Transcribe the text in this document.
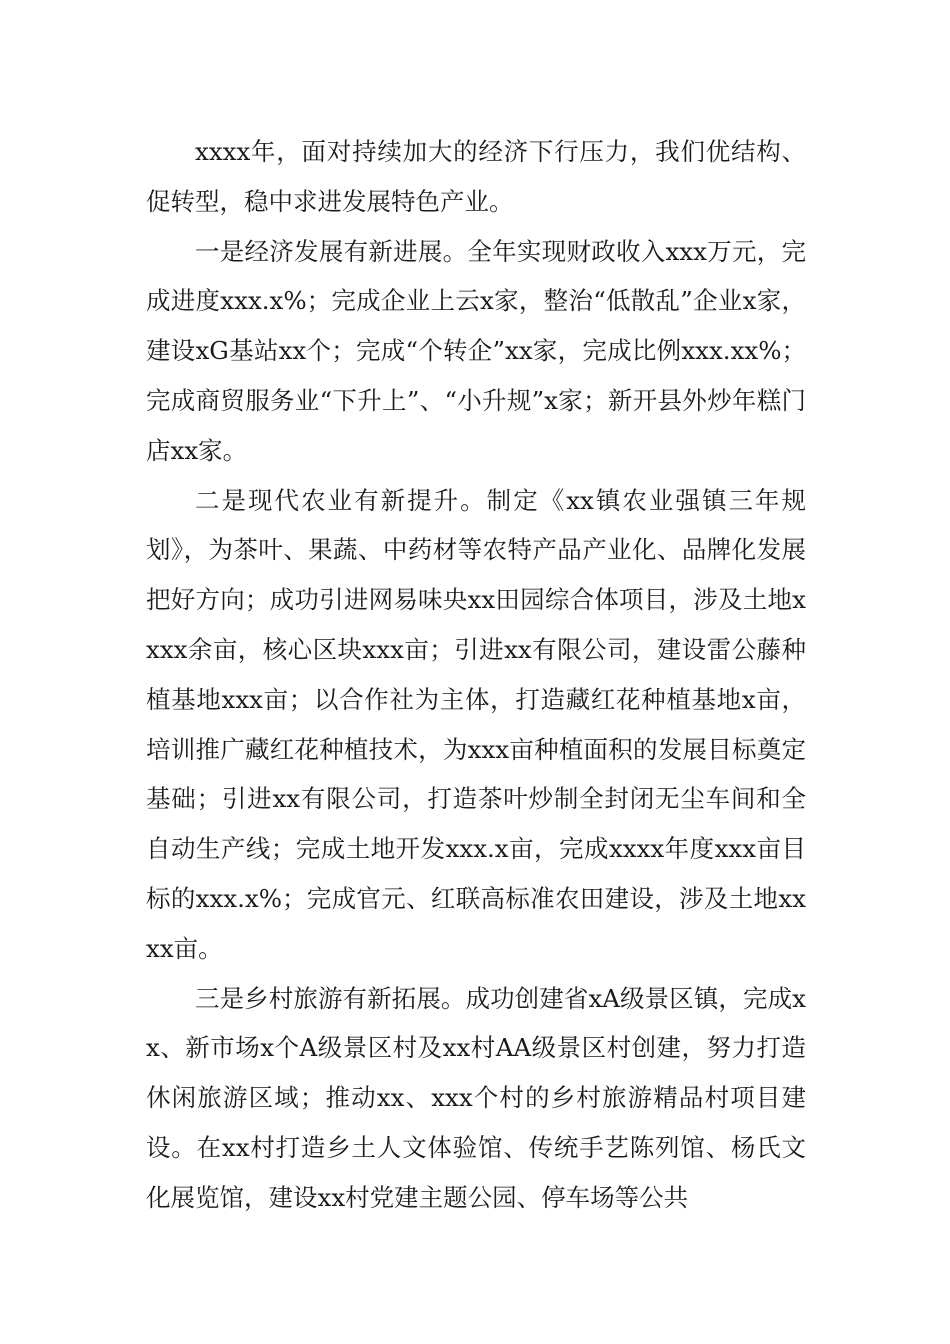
xxxx年，面对持续加大的经济下行压力，我们优结构、促转型，稳中求进发展特色产业。

一是经济发展有新进展。全年实现财政收入xxx万元，完成进度xxx.x%；完成企业上云x家，整治“低散乱”企业x家，建设xG基站xx个；完成“个转企”xx家，完成比例xxx.xx%；完成商贸服务业“下升上”、“小升规”x家；新开县外炒年糕门店xx家。

二是现代农业有新提升。制定《xx镇农业强镇三年规划》，为茶叶、果蔬、中药材等农特产品产业化、品牌化发展把好方向；成功引进网易味央xx田园综合体项目，涉及土地xxxx余亩，核心区块xxx亩；引进xx有限公司，建设雷公藤种植基地xxx亩；以合作社为主体，打造藏红花种植基地x亩，培训推广藏红花种植技术，为xxx亩种植面积的发展目标奠定基础；引进xx有限公司，打造茶叶炒制全封闭无尘车间和全自动生产线；完成土地开发xxx.x亩，完成xxxx年度xxx亩目标的xxx.x%；完成官元、红联高标准农田建设，涉及土地xxxx亩。

三是乡村旅游有新拓展。成功创建省xA级景区镇，完成xx、新市场x个A级景区村及xx村AA级景区村创建，努力打造休闲旅游区域；推动xx、xxx个村的乡村旅游精品村项目建设。在xx村打造乡土人文体验馆、传统手艺陈列馆、杨氏文化展览馆，建设xx村党建主题公园、停车场等公共
